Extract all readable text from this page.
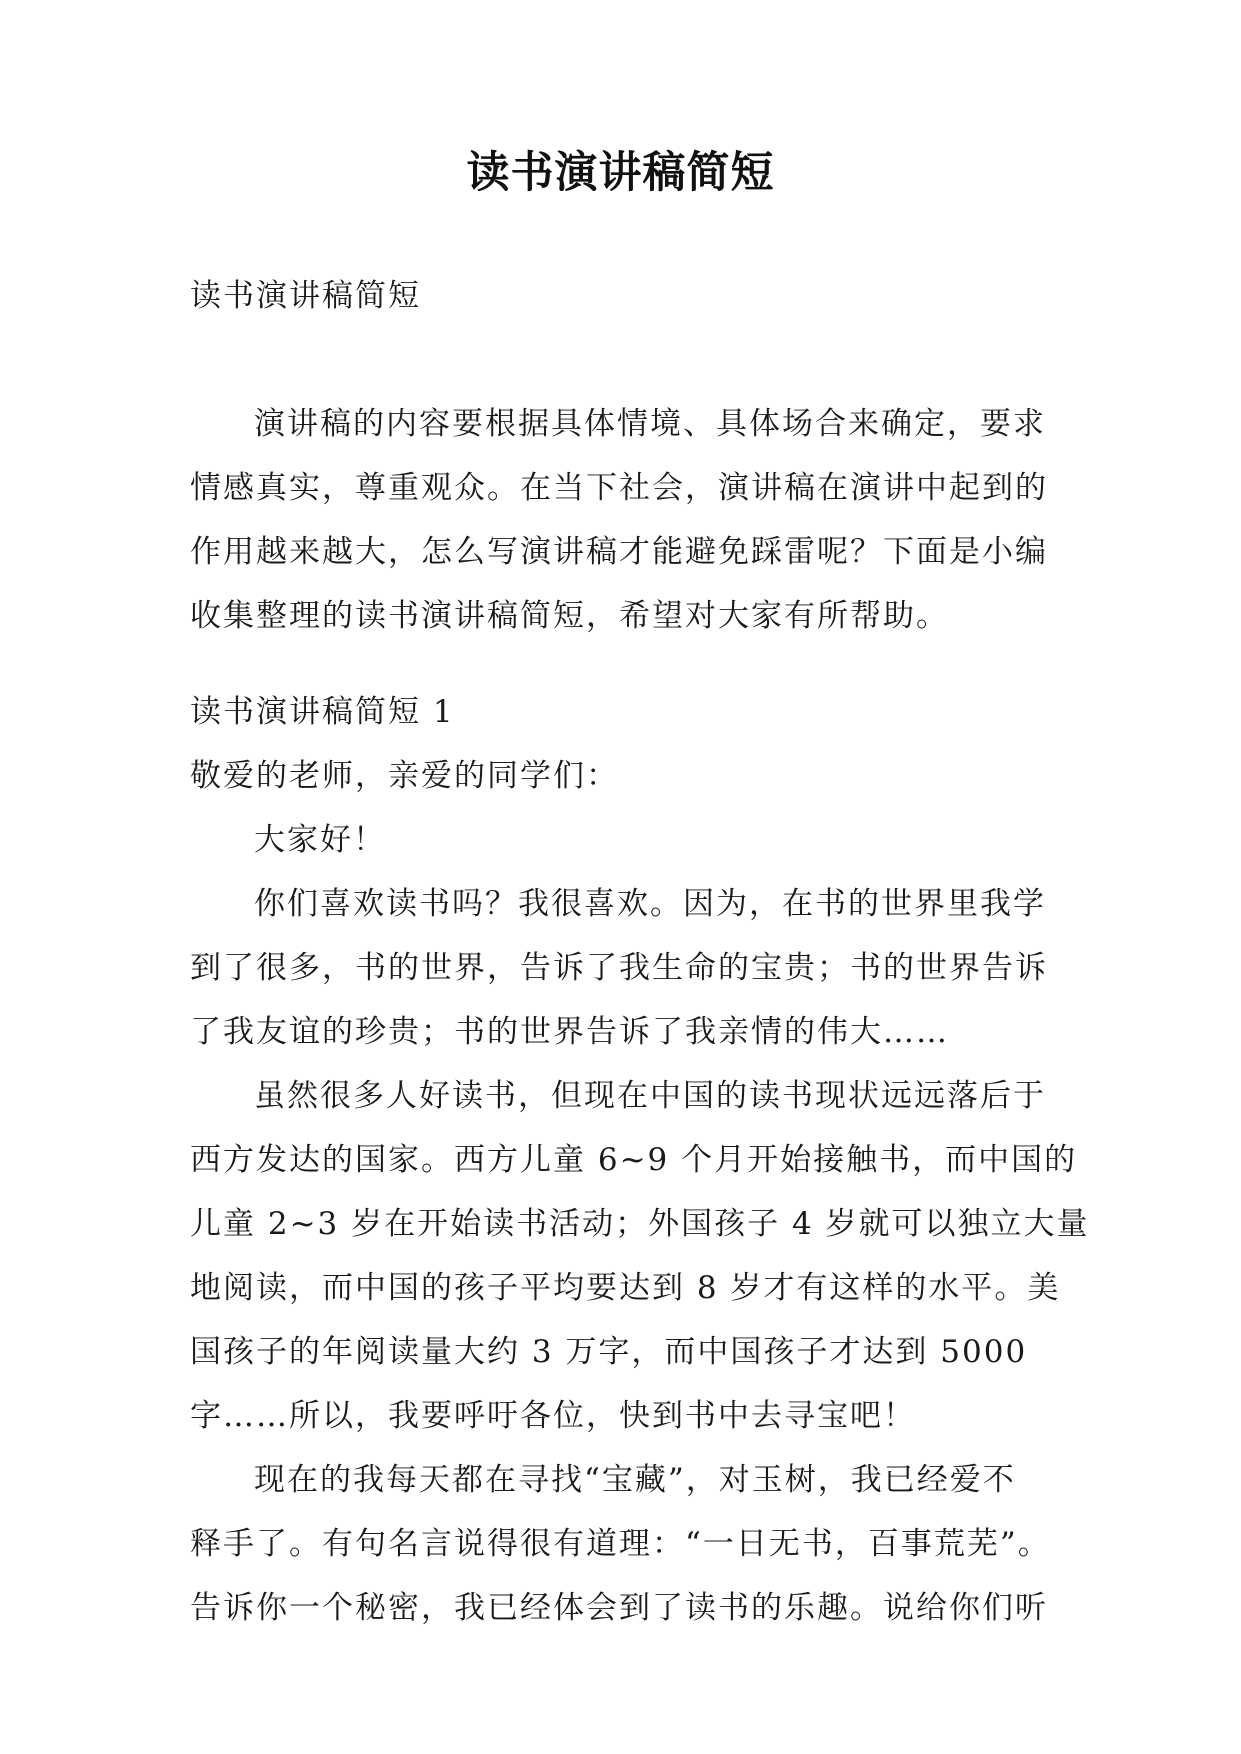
读书演讲稿简短
读书演讲稿简短
演讲稿的内容要根据具体情境、具体场合来确定，要求
情感真实，尊重观众。在当下社会，演讲稿在演讲中起到的
作用越来越大，怎么写演讲稿才能避免踩雷呢？下面是小编
收集整理的读书演讲稿简短，希望对大家有所帮助。
读书演讲稿简短 1
敬爱的老师，亲爱的同学们：
大家好！
你们喜欢读书吗？我很喜欢。因为，在书的世界里我学
到了很多，书的世界，告诉了我生命的宝贵；书的世界告诉
了我友谊的珍贵；书的世界告诉了我亲情的伟大……
虽然很多人好读书，但现在中国的读书现状远远落后于
西方发达的国家。西方儿童 6~9 个月开始接触书，而中国的
儿童 2~3 岁在开始读书活动；外国孩子 4 岁就可以独立大量
地阅读，而中国的孩子平均要达到 8 岁才有这样的水平。美
国孩子的年阅读量大约 3 万字，而中国孩子才达到 5000
字……所以，我要呼吁各位，快到书中去寻宝吧！
现在的我每天都在寻找“宝藏”，对玉树，我已经爱不
释手了。有句名言说得很有道理：“一日无书，百事荒芜”。
告诉你一个秘密，我已经体会到了读书的乐趣。说给你们听
